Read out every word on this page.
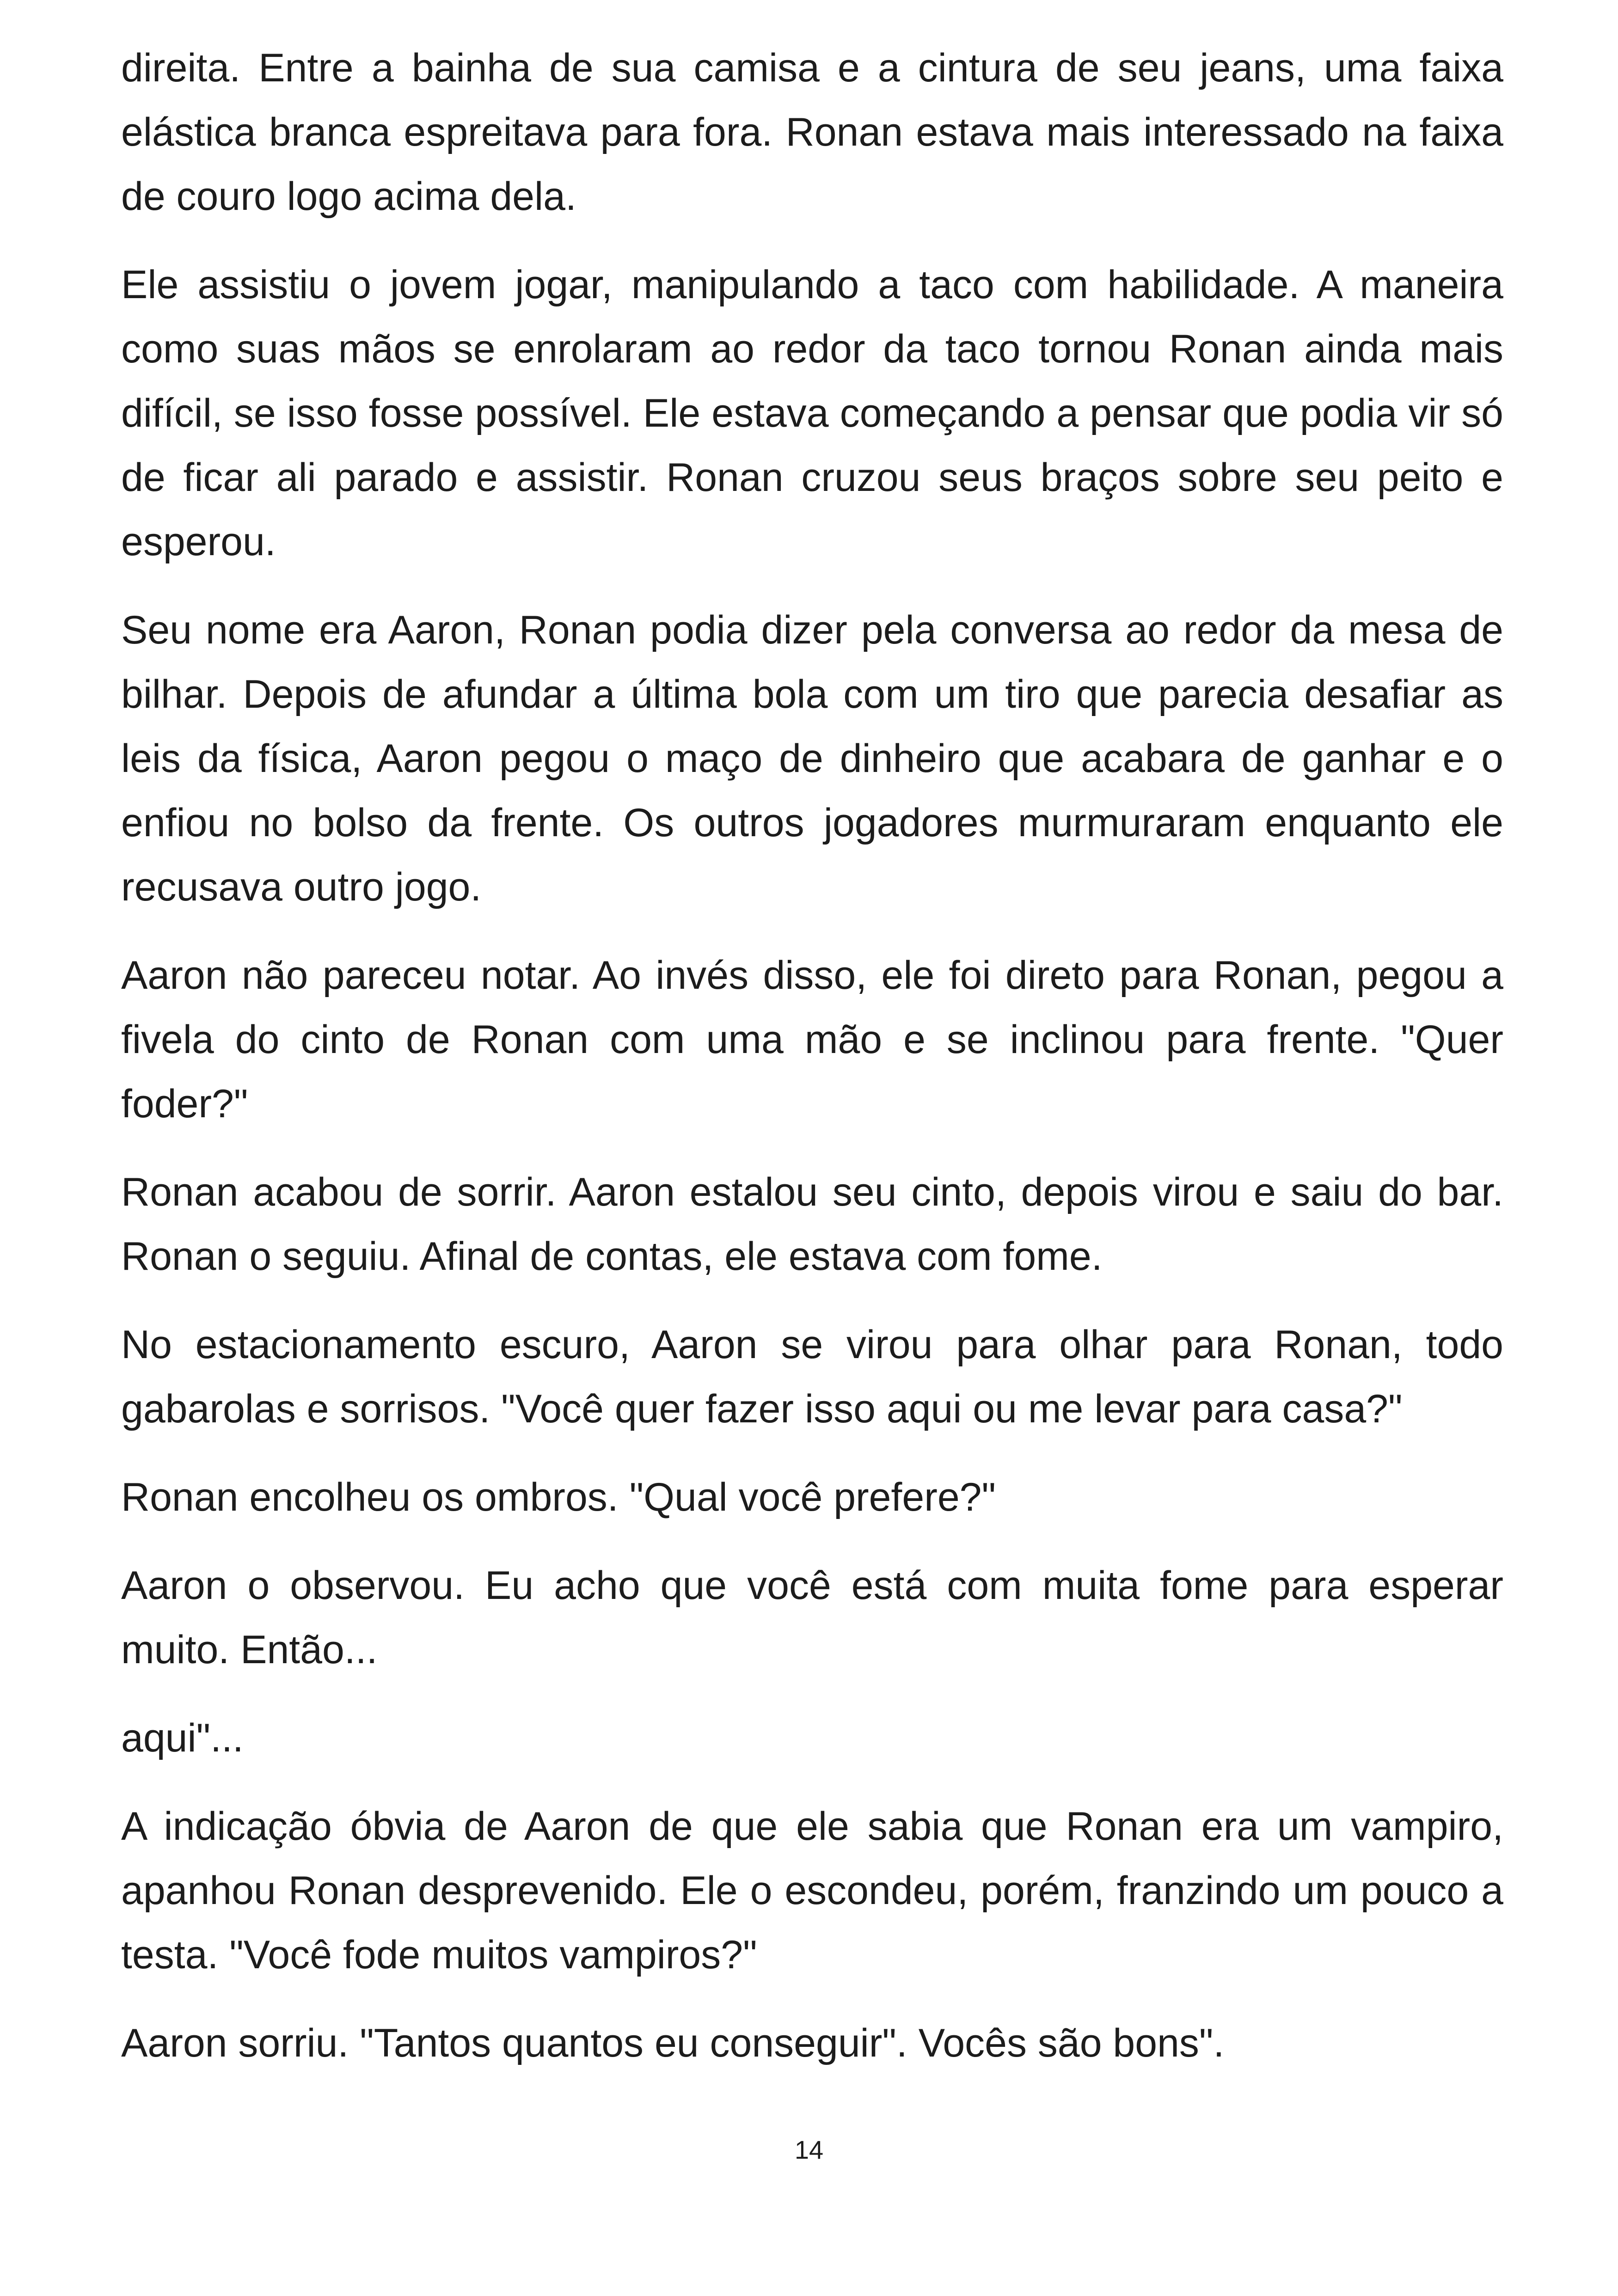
direita. Entre a bainha de sua camisa e a cintura de seu jeans, uma faixa elástica branca espreitava para fora. Ronan estava mais interessado na faixa de couro logo acima dela.

Ele assistiu o jovem jogar, manipulando a taco com habilidade. A maneira como suas mãos se enrolaram ao redor da taco tornou Ronan ainda mais difícil, se isso fosse possível. Ele estava começando a pensar que podia vir só de ficar ali parado e assistir. Ronan cruzou seus braços sobre seu peito e esperou.

Seu nome era Aaron, Ronan podia dizer pela conversa ao redor da mesa de bilhar. Depois de afundar a última bola com um tiro que parecia desafiar as leis da física, Aaron pegou o maço de dinheiro que acabara de ganhar e o enfiou no bolso da frente. Os outros jogadores murmuraram enquanto ele recusava outro jogo.

Aaron não pareceu notar. Ao invés disso, ele foi direto para Ronan, pegou a fivela do cinto de Ronan com uma mão e se inclinou para frente. "Quer foder?"

Ronan acabou de sorrir. Aaron estalou seu cinto, depois virou e saiu do bar. Ronan o seguiu. Afinal de contas, ele estava com fome.

No estacionamento escuro, Aaron se virou para olhar para Ronan, todo gabarolas e sorrisos. "Você quer fazer isso aqui ou me levar para casa?"

Ronan encolheu os ombros. "Qual você prefere?"

Aaron o observou. Eu acho que você está com muita fome para esperar muito. Então...

aqui"...

A indicação óbvia de Aaron de que ele sabia que Ronan era um vampiro, apanhou Ronan desprevenido. Ele o escondeu, porém, franzindo um pouco a testa. "Você fode muitos vampiros?"

Aaron sorriu. "Tantos quantos eu conseguir". Vocês são bons".

14
